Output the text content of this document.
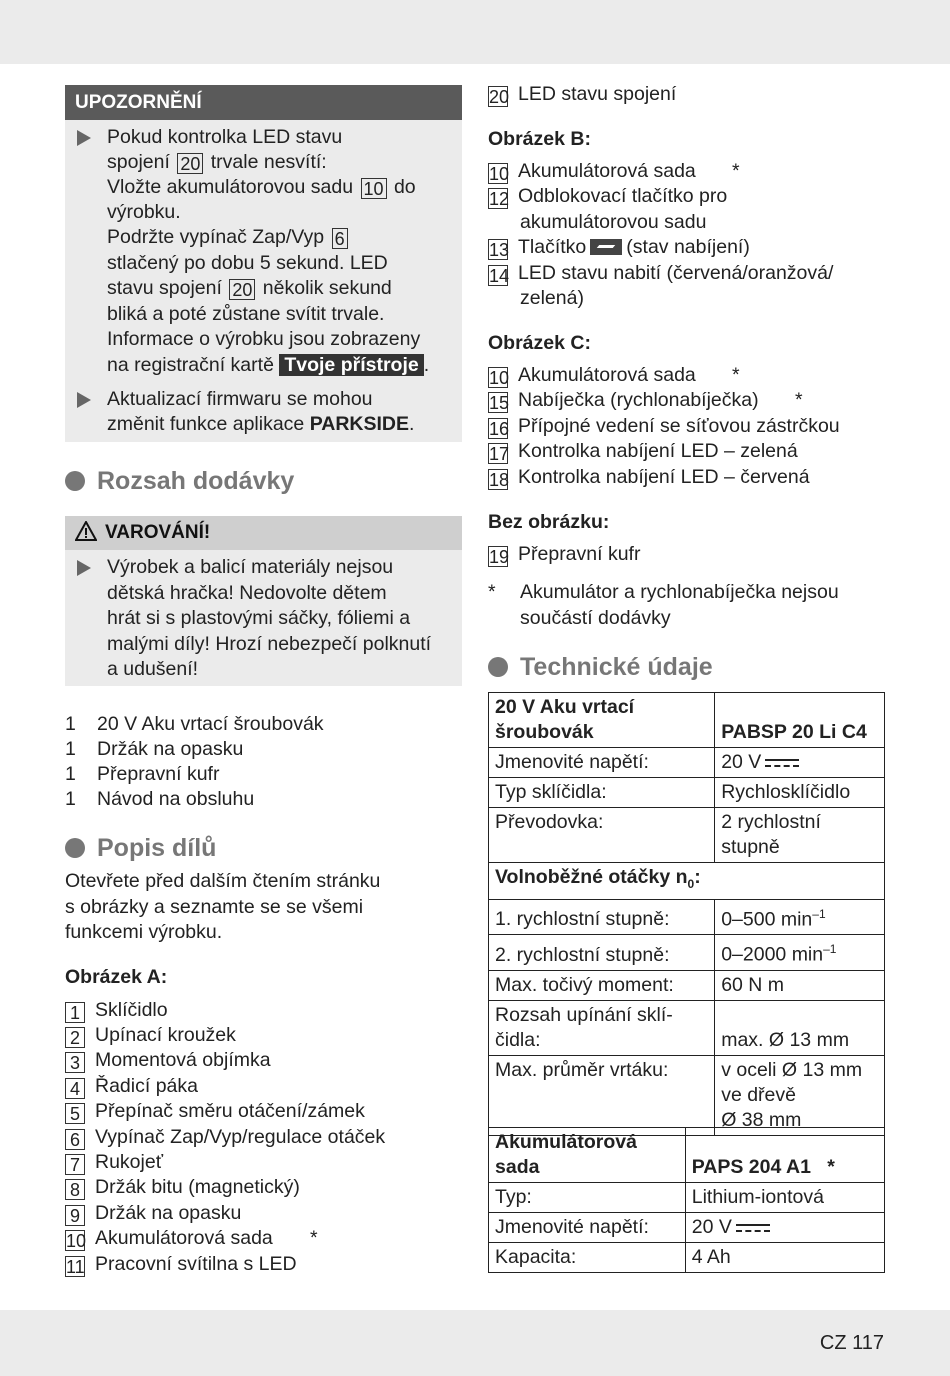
UPOZORNĚNÍ
Pokud kontrolka LED stavu
spojení 20 trvale nesvítí:
Vložte akumulátorovou sadu 10 do
výrobku.
Podržte vypínač Zap/Vyp 6
stlačený po dobu 5 sekund. LED
stavu spojení 20 několik sekund
bliká a poté zůstane svítit trvale.
Informace o výrobku jsou zobrazeny
na registrační kartě Tvoje přístroje .
Aktualizací firmwaru se mohou
změnit funkce aplikace PARKSIDE.
Rozsah dodávky
VAROVÁNÍ!
Výrobek a balicí materiály nejsou
dětská hračka! Nedovolte dětem
hrát si s plastovými sáčky, fóliemi a
malými díly! Hrozí nebezpečí polknutí
a udušení!
1 20 V Aku vrtací šroubovák
1 Držák na opasku
1 Přepravní kufr
1 Návod na obsluhu
Popis dílů
Otevřete před dalším čtením stránku
s obrázky a seznamte se se všemi
funkcemi výrobku.
Obrázek A:
1 Sklíčidlo
2 Upínací kroužek
3 Momentová objímka
4 Řadicí páka
5 Přepínač směru otáčení/zámek
6 Vypínač Zap/Vyp/regulace otáček
7 Rukojeť
8 Držák bitu (magnetický)
9 Držák na opasku
10 Akumulátorová sada *
11 Pracovní svítilna s LED
20 LED stavu spojení
Obrázek B:
10 Akumulátorová sada *
12 Odblokovací tlačítko pro
akumulátorovou sadu
13 Tlačítko (stav nabíjení)
14 LED stavu nabití (červená/oranžová/
zelená)
Obrázek C:
10 Akumulátorová sada *
15 Nabíječka (rychlonabíječka) *
16 Přípojné vedení se síťovou zástrčkou
17 Kontrolka nabíjení LED – zelená
18 Kontrolka nabíjení LED – červená
Bez obrázku:
19 Přepravní kufr
* Akumulátor a rychlonabíječka nejsou
součástí dodávky
Technické údaje
20 V Aku vrtací
šroubovák	PABSP 20 Li C4
Jmenovité napětí:	20 V
Typ sklíčidla:	Rychlosklíčidlo
Převodovka:	2 rychlostní
stupně
Volnoběžné otáčky $n_0$:	
1. rychlostní stupně:	0–500 $\min^{-1}$
2. rychlostní stupně:	0–2000 $\min^{-1}$
Max. točivý moment:	60 N m
Rozsah upínání sklí-
čidla:	max. Ø 13 mm
Max. průměr vrtáku:	v oceli Ø 13 mm
ve dřevě
Ø 38 mm
Akumulátorová
sada	PAPS 204 A1 *
Typ:	Lithium-iontová
Jmenovité napětí:	20 V
Kapacita:	4 Ah
CZ 117
